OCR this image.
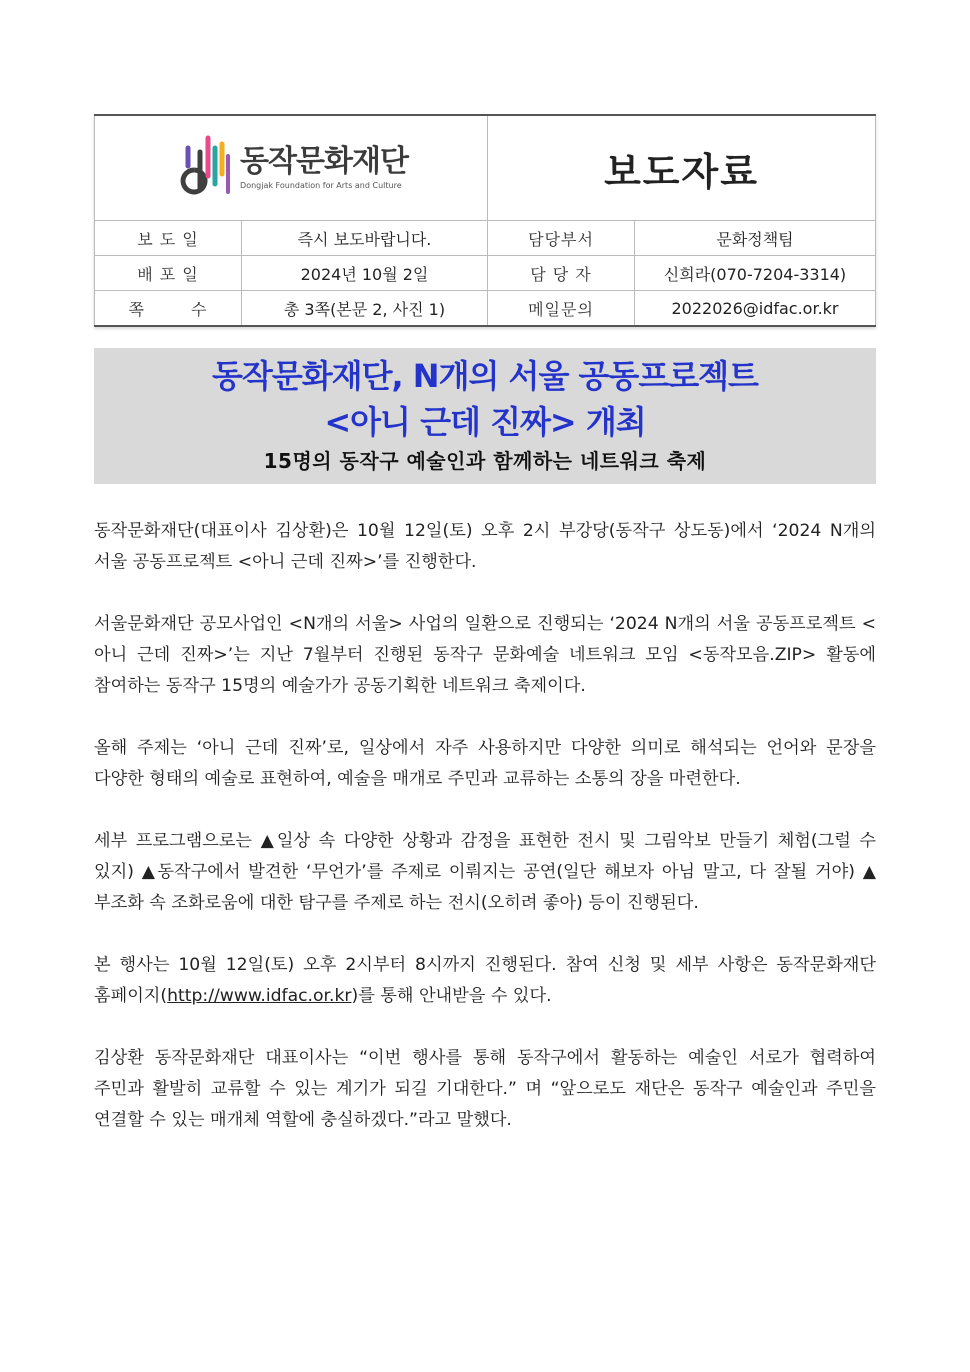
동작문화재단
Dongjak Foundation for Arts and Culture		보도자료	
보 도 일	즉시 보도바랍니다.	담당부서	문화정책팀
배 포 일	2024년 10월 2일	담 당 자	신희라(070-7204-3314)
쪽 수	총 3쪽(본문 2, 사진 1)	메일문의	2022026@idfac.or.kr
동작문화재단, N개의 서울 공동프로젝트
<아니 근데 진짜> 개최
15명의 동작구 예술인과 함께하는 네트워크 축제

동작문화재단(대표이사 김상환)은 10월 12일(토) 오후 2시 부강당(동작구 상도동)에서 ‘2024 N개의 서울 공동프로젝트 <아니 근데 진짜>’를 진행한다.

서울문화재단 공모사업인 <N개의 서울> 사업의 일환으로 진행되는 ‘2024 N개의 서울 공동프로젝트 <아니 근데 진짜>’는 지난 7월부터 진행된 동작구 문화예술 네트워크 모임 <동작모음.ZIP> 활동에 참여하는 동작구 15명의 예술가가 공동기획한 네트워크 축제이다.

올해 주제는 ‘아니 근데 진짜’로, 일상에서 자주 사용하지만 다양한 의미로 해석되는 언어와 문장을 다양한 형태의 예술로 표현하여, 예술을 매개로 주민과 교류하는 소통의 장을 마련한다.

세부 프로그램으로는 ▲일상 속 다양한 상황과 감정을 표현한 전시 및 그림악보 만들기 체험(그럴 수 있지) ▲동작구에서 발견한 ‘무언가’를 주제로 이뤄지는 공연(일단 해보자 아님 말고, 다 잘될 거야) ▲부조화 속 조화로움에 대한 탐구를 주제로 하는 전시(오히려 좋아) 등이 진행된다.

본 행사는 10월 12일(토) 오후 2시부터 8시까지 진행된다. 참여 신청 및 세부 사항은 동작문화재단 홈페이지(http://www.idfac.or.kr)를 통해 안내받을 수 있다.

김상환 동작문화재단 대표이사는 “이번 행사를 통해 동작구에서 활동하는 예술인 서로가 협력하여 주민과 활발히 교류할 수 있는 계기가 되길 기대한다.” 며 “앞으로도 재단은 동작구 예술인과 주민을 연결할 수 있는 매개체 역할에 충실하겠다.”라고 말했다.
